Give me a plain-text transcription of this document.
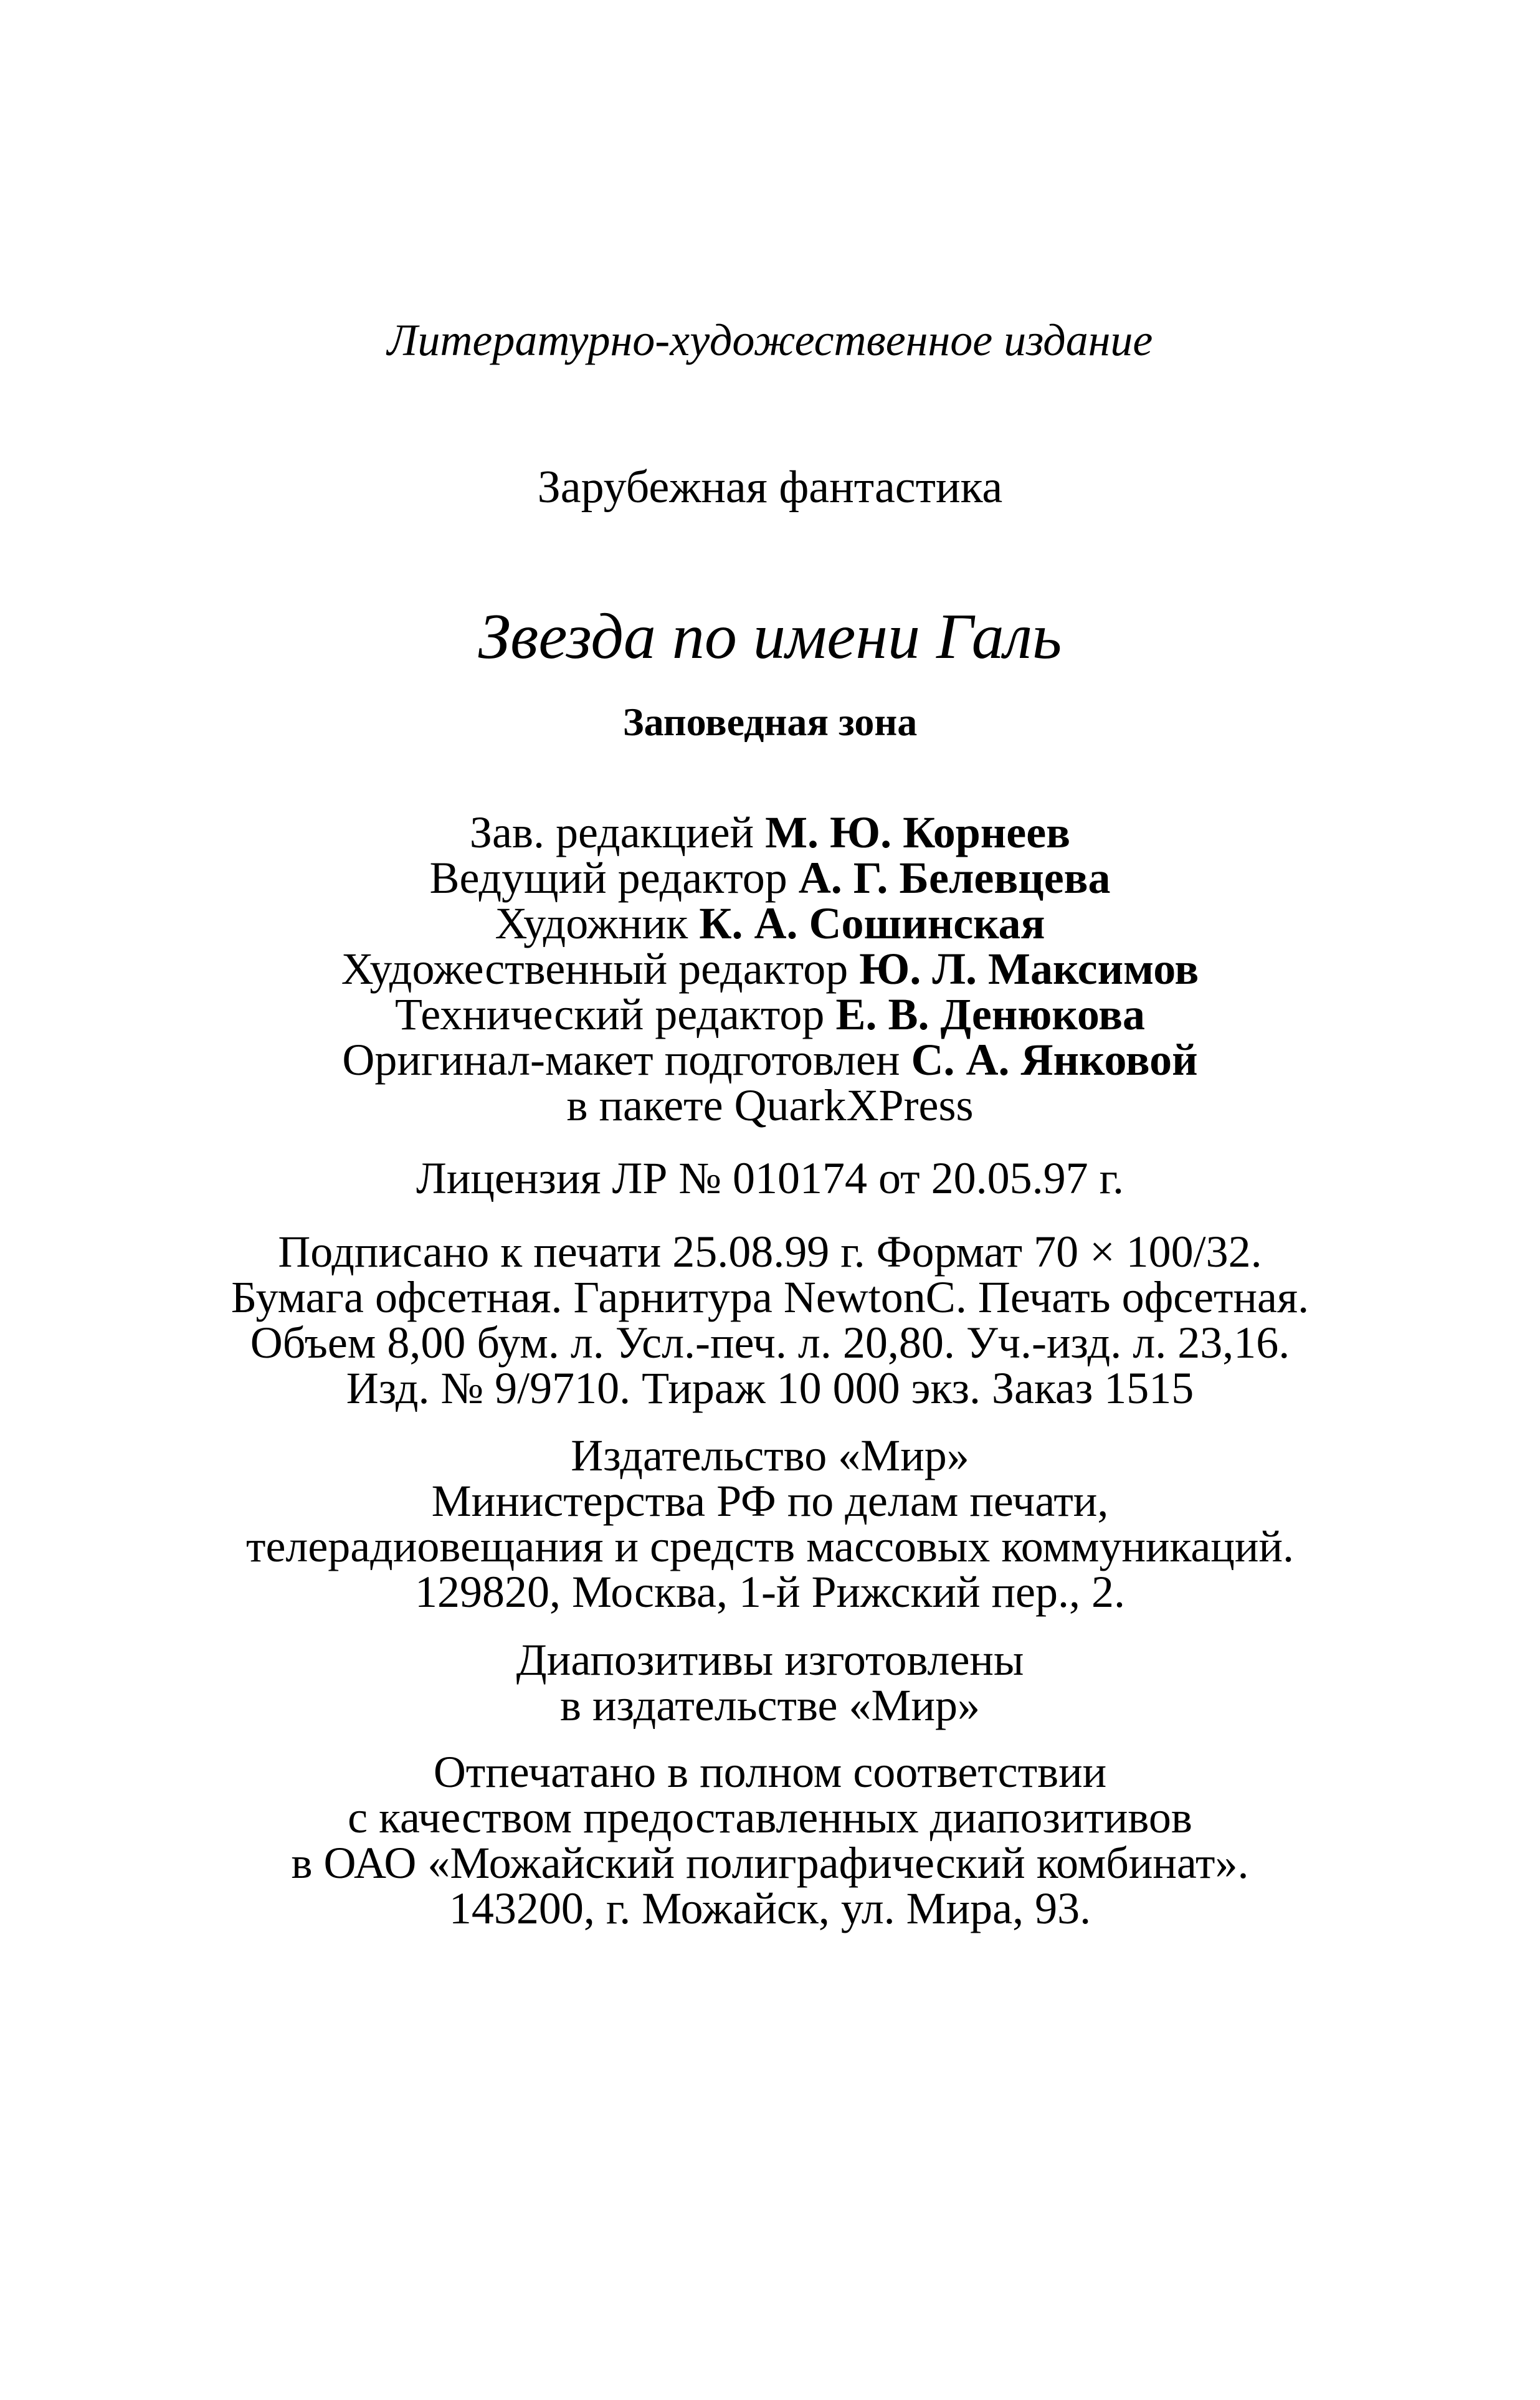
Литературно-художественное издание
Зарубежная фантастика
Звезда по имени Галь
Заповедная зона
Зав. редакцией М. Ю. Корнеев
Ведущий редактор А. Г. Белевцева
Художник К. А. Сошинская
Художественный редактор Ю. Л. Максимов
Технический редактор Е. В. Денюкова
Оригинал-макет подготовлен С. А. Янковой
в пакете QuarkXPress
Лицензия ЛР № 010174 от 20.05.97 г.
Подписано к печати 25.08.99 г. Формат 70 × 100/32.
Бумага офсетная. Гарнитура NewtonC. Печать офсетная.
Объем 8,00 бум. л. Усл.-печ. л. 20,80. Уч.-изд. л. 23,16.
Изд. № 9/9710. Тираж 10 000 экз. Заказ 1515
Издательство «Мир»
Министерства РФ по делам печати,
телерадиовещания и средств массовых коммуникаций.
129820, Москва, 1-й Рижский пер., 2.
Диапозитивы изготовлены
в издательстве «Мир»
Отпечатано в полном соответствии
с качеством предоставленных диапозитивов
в ОАО «Можайский полиграфический комбинат».
143200, г. Можайск, ул. Мира, 93.
